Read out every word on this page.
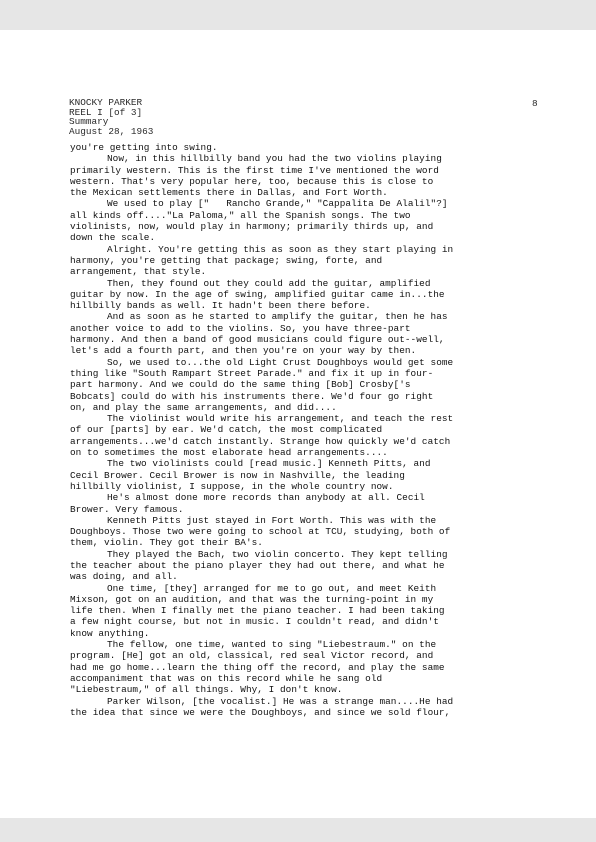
KNOCKY PARKER
REEL I [of 3]
Summary
August 28, 1963
8
you're getting into swing.
Now, in this hillbilly band you had the two violins playing
primarily western. This is the first time I've mentioned the word
western. That's very popular here, too, because this is close to
the Mexican settlements there in Dallas, and Fort Worth.
We used to play ["   Rancho Grande," "Cappalita De Alalil"?]
all kinds off...."La Paloma," all the Spanish songs. The two
violinists, now, would play in harmony; primarily thirds up, and
down the scale.
Alright. You're getting this as soon as they start playing in
harmony, you're getting that package; swing, forte, and
arrangement, that style.
Then, they found out they could add the guitar, amplified
guitar by now. In the age of swing, amplified guitar came in...the
hillbilly bands as well. It hadn't been there before.
And as soon as he started to amplify the guitar, then he has
another voice to add to the violins. So, you have three-part
harmony. And then a band of good musicians could figure out--well,
let's add a fourth part, and then you're on your way by then.
So, we used to...the old Light Crust Doughboys would get some
thing like "South Rampart Street Parade." and fix it up in four-
part harmony. And we could do the same thing [Bob] Crosby['s
Bobcats] could do with his instruments there. We'd four go right
on, and play the same arrangements, and did....
The violinist would write his arrangement, and teach the rest
of our [parts] by ear. We'd catch, the most complicated
arrangements...we'd catch instantly. Strange how quickly we'd catch
on to sometimes the most elaborate head arrangements....
The two violinists could [read music.] Kenneth Pitts, and
Cecil Brower. Cecil Brower is now in Nashville, the leading
hillbilly violinist, I suppose, in the whole country now.
He's almost done more records than anybody at all. Cecil
Brower. Very famous.
Kenneth Pitts just stayed in Fort Worth. This was with the
Doughboys. Those two were going to school at TCU, studying, both of
them, violin. They got their BA's.
They played the Bach, two violin concerto. They kept telling
the teacher about the piano player they had out there, and what he
was doing, and all.
One time, [they] arranged for me to go out, and meet Keith
Mixson, got on an audition, and that was the turning-point in my
life then. When I finally met the piano teacher. I had been taking
a few night course, but not in music. I couldn't read, and didn't
know anything.
The fellow, one time, wanted to sing "Liebestraum." on the
program. [He] got an old, classical, red seal Victor record, and
had me go home...learn the thing off the record, and play the same
accompaniment that was on this record while he sang old
"Liebestraum," of all things. Why, I don't know.
Parker Wilson, [the vocalist.] He was a strange man....He had
the idea that since we were the Doughboys, and since we sold flour,
